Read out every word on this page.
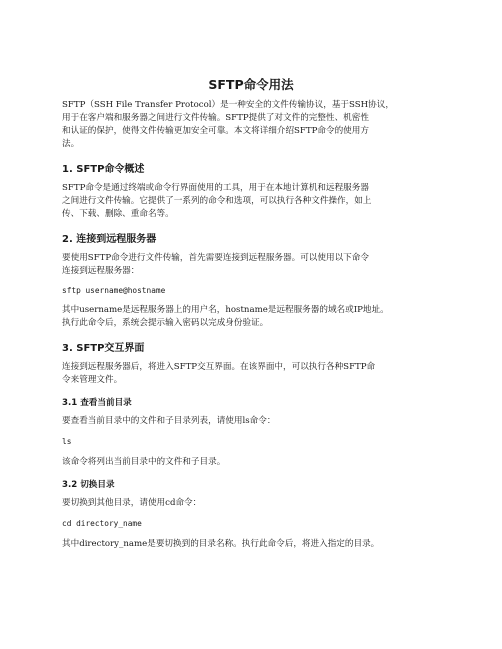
SFTP命令用法
SFTP（SSH File Transfer Protocol）是一种安全的文件传输协议，基于SSH协议，
用于在客户端和服务器之间进行文件传输。SFTP提供了对文件的完整性、机密性
和认证的保护，使得文件传输更加安全可靠。本文将详细介绍SFTP命令的使用方
法。
1. SFTP命令概述
SFTP命令是通过终端或命令行界面使用的工具，用于在本地计算机和远程服务器
之间进行文件传输。它提供了一系列的命令和选项，可以执行各种文件操作，如上
传、下载、删除、重命名等。
2. 连接到远程服务器
要使用SFTP命令进行文件传输，首先需要连接到远程服务器。可以使用以下命令
连接到远程服务器：
sftp username@hostname
其中username是远程服务器上的用户名，hostname是远程服务器的域名或IP地址。
执行此命令后，系统会提示输入密码以完成身份验证。
3. SFTP交互界面
连接到远程服务器后，将进入SFTP交互界面。在该界面中，可以执行各种SFTP命
令来管理文件。
3.1 查看当前目录
要查看当前目录中的文件和子目录列表，请使用ls命令：
ls
该命令将列出当前目录中的文件和子目录。
3.2 切换目录
要切换到其他目录，请使用cd命令：
cd directory_name
其中directory_name是要切换到的目录名称。执行此命令后，将进入指定的目录。
